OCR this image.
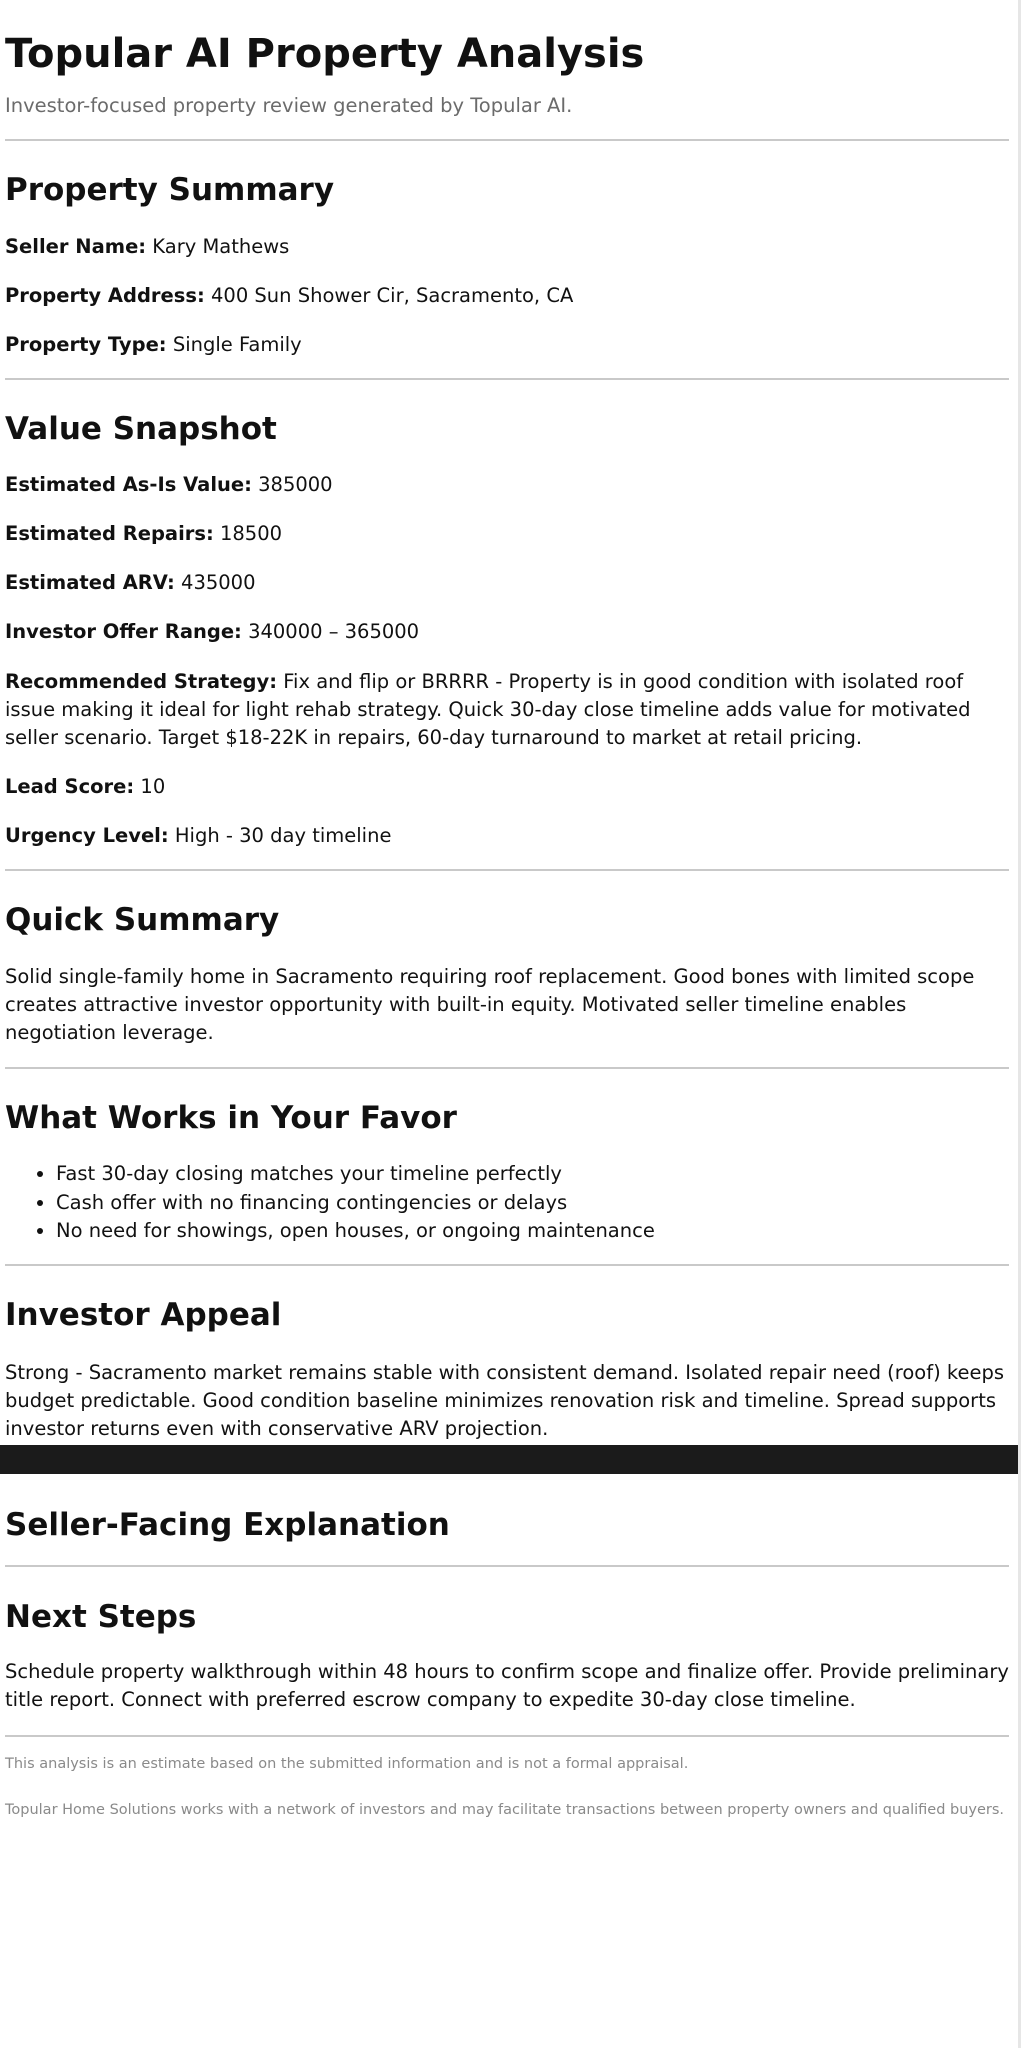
Topular AI Property Analysis

Investor-focused property review generated by Topular AI.

Property Summary

Seller Name: Kary Mathews

Property Address: 400 Sun Shower Cir, Sacramento, CA

Property Type: Single Family

Value Snapshot

Estimated As-Is Value: 385000

Estimated Repairs: 18500

Estimated ARV: 435000

Investor Offer Range: 340000 – 365000

Recommended Strategy: Fix and flip or BRRRR - Property is in good condition with isolated roof issue making it ideal for light rehab strategy. Quick 30-day close timeline adds value for motivated seller scenario. Target $18-22K in repairs, 60-day turnaround to market at retail pricing.

Lead Score: 10

Urgency Level: High - 30 day timeline

Quick Summary

Solid single-family home in Sacramento requiring roof replacement. Good bones with limited scope creates attractive investor opportunity with built-in equity. Motivated seller timeline enables negotiation leverage.

What Works in Your Favor
• Fast 30-day closing matches your timeline perfectly
• Cash offer with no financing contingencies or delays
• No need for showings, open houses, or ongoing maintenance
Investor Appeal

Strong - Sacramento market remains stable with consistent demand. Isolated repair need (roof) keeps budget predictable. Good condition baseline minimizes renovation risk and timeline. Spread supports investor returns even with conservative ARV projection.

Seller-Facing Explanation
Next Steps

Schedule property walkthrough within 48 hours to confirm scope and finalize offer. Provide preliminary title report. Connect with preferred escrow company to expedite 30-day close timeline.

This analysis is an estimate based on the submitted information and is not a formal appraisal.

Topular Home Solutions works with a network of investors and may facilitate transactions between property owners and qualified buyers.
